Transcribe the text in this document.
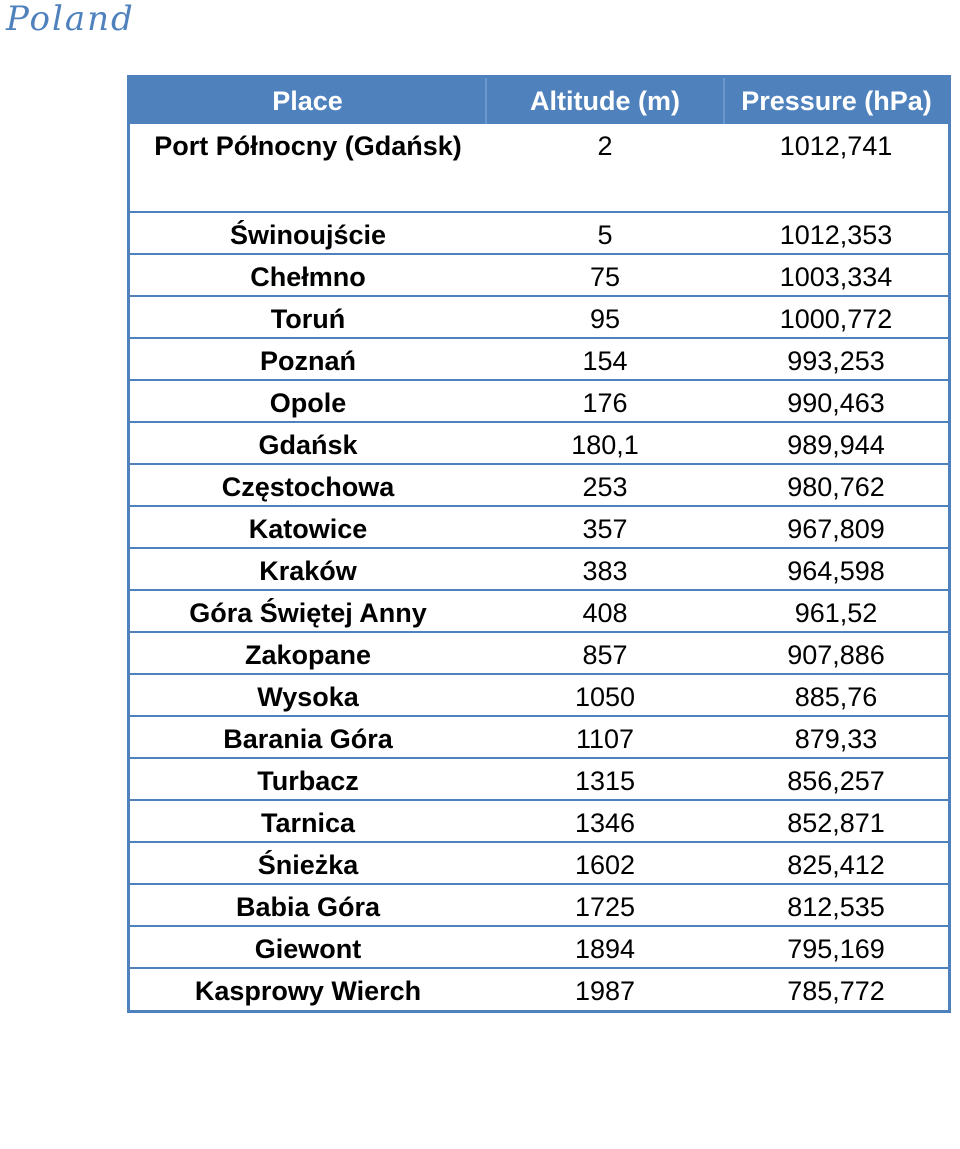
Poland
Place	Altitude (m)	Pressure (hPa)
Port Północny (Gdańsk)	2	1012,741
Świnoujście	5	1012,353
Chełmno	75	1003,334
Toruń	95	1000,772
Poznań	154	993,253
Opole	176	990,463
Gdańsk	180,1	989,944
Częstochowa	253	980,762
Katowice	357	967,809
Kraków	383	964,598
Góra Świętej Anny	408	961,52
Zakopane	857	907,886
Wysoka	1050	885,76
Barania Góra	1107	879,33
Turbacz	1315	856,257
Tarnica	1346	852,871
Śnieżka	1602	825,412
Babia Góra	1725	812,535
Giewont	1894	795,169
Kasprowy Wierch	1987	785,772
